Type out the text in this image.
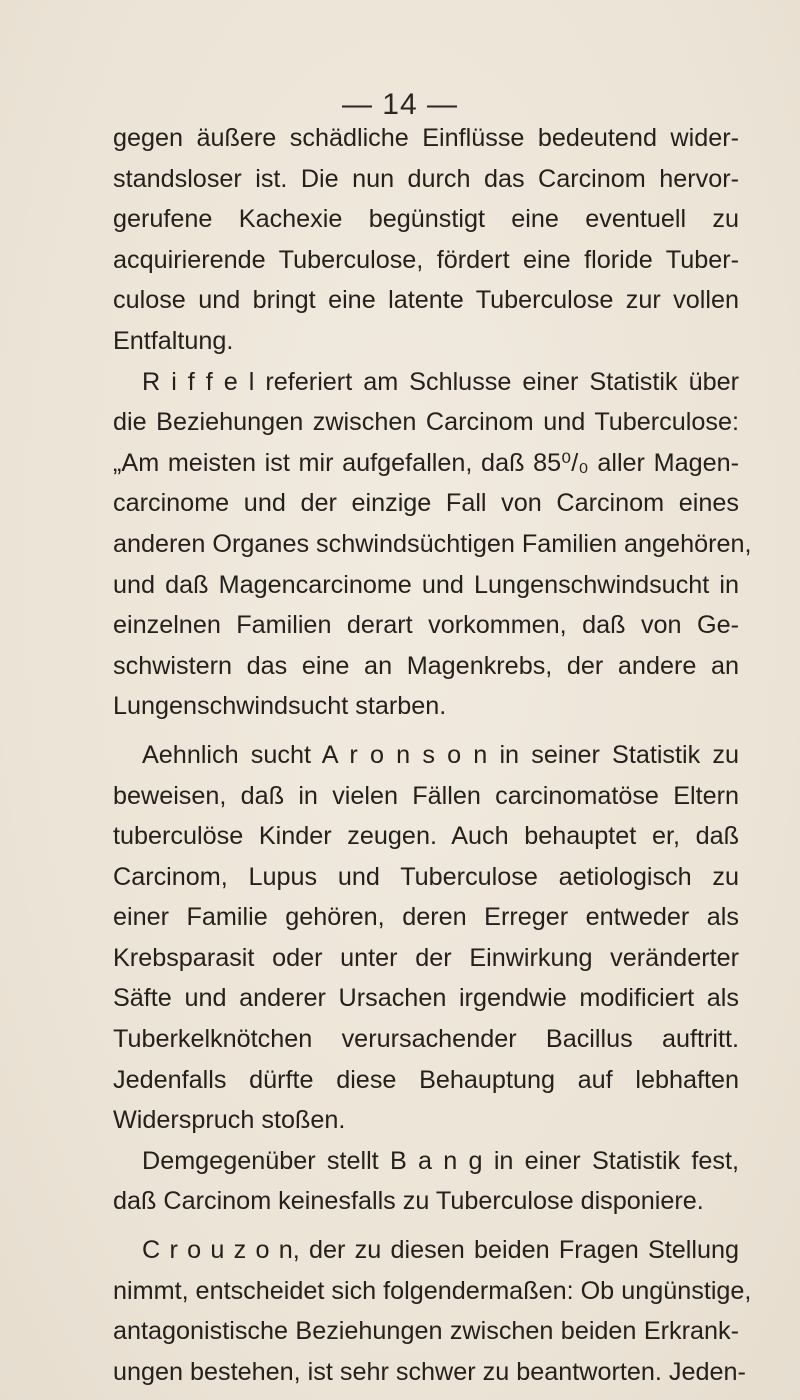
— 14 —
gegen äußere schädliche Einflüsse bedeutend wider-
standsloser ist. Die nun durch das Carcinom hervor-
gerufene Kachexie begünstigt eine eventuell zu
acquirierende Tuberculose, fördert eine floride Tuber-
culose und bringt eine latente Tuberculose zur vollen
Entfaltung.
R i f f e l referiert am Schlusse einer Statistik über
die Beziehungen zwischen Carcinom und Tuberculose:
„Am meisten ist mir aufgefallen, daß 85⁰/₀ aller Magen-
carcinome und der einzige Fall von Carcinom eines
anderen Organes schwindsüchtigen Familien angehören,
und daß Magencarcinome und Lungenschwindsucht in
einzelnen Familien derart vorkommen, daß von Ge-
schwistern das eine an Magenkrebs, der andere an
Lungenschwindsucht starben.
Aehnlich sucht A r o n s o n in seiner Statistik zu
beweisen, daß in vielen Fällen carcinomatöse Eltern
tuberculöse Kinder zeugen. Auch behauptet er, daß
Carcinom, Lupus und Tuberculose aetiologisch zu
einer Familie gehören, deren Erreger entweder als
Krebsparasit oder unter der Einwirkung veränderter
Säfte und anderer Ursachen irgendwie modificiert als
Tuberkelknötchen verursachender Bacillus auftritt.
Jedenfalls dürfte diese Behauptung auf lebhaften
Widerspruch stoßen.
Demgegenüber stellt B a n g in einer Statistik fest,
daß Carcinom keinesfalls zu Tuberculose disponiere.
C r o u z o n, der zu diesen beiden Fragen Stellung
nimmt, entscheidet sich folgendermaßen: Ob ungünstige,
antagonistische Beziehungen zwischen beiden Erkrank-
ungen bestehen, ist sehr schwer zu beantworten. Jeden-
